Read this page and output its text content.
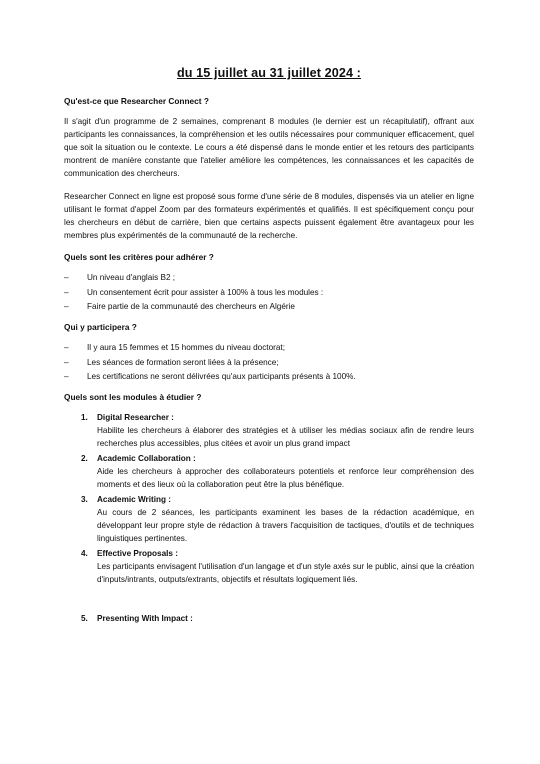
du 15 juillet au 31 juillet 2024 :
Qu'est-ce que Researcher Connect ?

Il s'agit d'un programme de 2 semaines, comprenant 8 modules (le dernier est un récapitulatif), offrant aux participants les connaissances, la compréhension et les outils nécessaires pour communiquer efficacement, quel que soit la situation ou le contexte. Le cours a été dispensé dans le monde entier et les retours des participants montrent de manière constante que l'atelier améliore les compétences, les connaissances et les capacités de communication des chercheurs.

Researcher Connect en ligne est proposé sous forme d'une série de 8 modules, dispensés via un atelier en ligne utilisant le format d'appel Zoom par des formateurs expérimentés et qualifiés. Il est spécifiquement conçu pour les chercheurs en début de carrière, bien que certains aspects puissent également être avantageux pour les membres plus expérimentés de la communauté de la recherche.

Quels sont les critères pour adhérer ?
– Un niveau d'anglais B2 ;
– Un consentement écrit pour assister à 100% à tous les modules :
– Faire partie de la communauté des chercheurs en Algérie
Qui y participera ?
– Il y aura 15 femmes et 15 hommes du niveau doctorat;
– Les séances de formation seront liées à la présence;
– Les certifications ne seront délivrées qu'aux participants présents à 100%.
Quels sont les modules à étudier ?
1. Digital Researcher :
Habilite les chercheurs à élaborer des stratégies et à utiliser les médias sociaux afin de rendre leurs recherches plus accessibles, plus citées et avoir un plus grand impact
2. Academic Collaboration :
Aide les chercheurs à approcher des collaborateurs potentiels et renforce leur compréhension des moments et des lieux où la collaboration peut être la plus bénéfique.
3. Academic Writing :
Au cours de 2 séances, les participants examinent les bases de la rédaction académique, en développant leur propre style de rédaction à travers l'acquisition de tactiques, d'outils et de techniques linguistiques pertinentes.
4. Effective Proposals :
Les participants envisagent l'utilisation d'un langage et d'un style axés sur le public, ainsi que la création d'inputs/intrants, outputs/extrants, objectifs et résultats logiquement liés.
5. Presenting With Impact :
